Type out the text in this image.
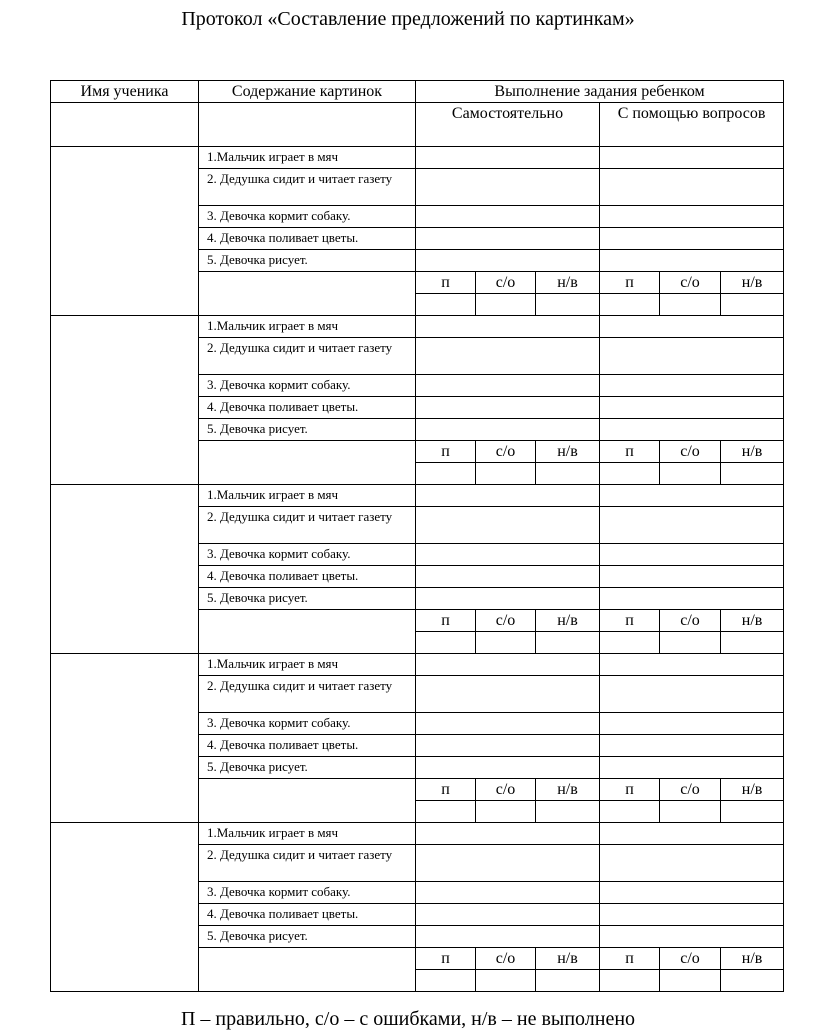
Протокол «Составление предложений по картинкам»
Имя ученика	Содержание картинок	Выполнение задания ребенком					
		Самостоятельно			С помощью вопросов		
	1.Мальчик играет в мяч						
	2. Дедушка сидит и читает газету						
	3. Девочка кормит собаку.						
	4. Девочка поливает цветы.						
	5. Девочка рисует.						
		п	с/о	н/в	п	с/о	н/в

	1.Мальчик играет в мяч						
	2. Дедушка сидит и читает газету						
	3. Девочка кормит собаку.						
	4. Девочка поливает цветы.						
	5. Девочка рисует.						
		п	с/о	н/в	п	с/о	н/в

	1.Мальчик играет в мяч						
	2. Дедушка сидит и читает газету						
	3. Девочка кормит собаку.						
	4. Девочка поливает цветы.						
	5. Девочка рисует.						
		п	с/о	н/в	п	с/о	н/в

	1.Мальчик играет в мяч						
	2. Дедушка сидит и читает газету						
	3. Девочка кормит собаку.						
	4. Девочка поливает цветы.						
	5. Девочка рисует.						
		п	с/о	н/в	п	с/о	н/в

	1.Мальчик играет в мяч						
	2. Дедушка сидит и читает газету						
	3. Девочка кормит собаку.						
	4. Девочка поливает цветы.						
	5. Девочка рисует.						
		п	с/о	н/в	п	с/о	н/в

П – правильно, с/о – с ошибками, н/в – не выполнено
